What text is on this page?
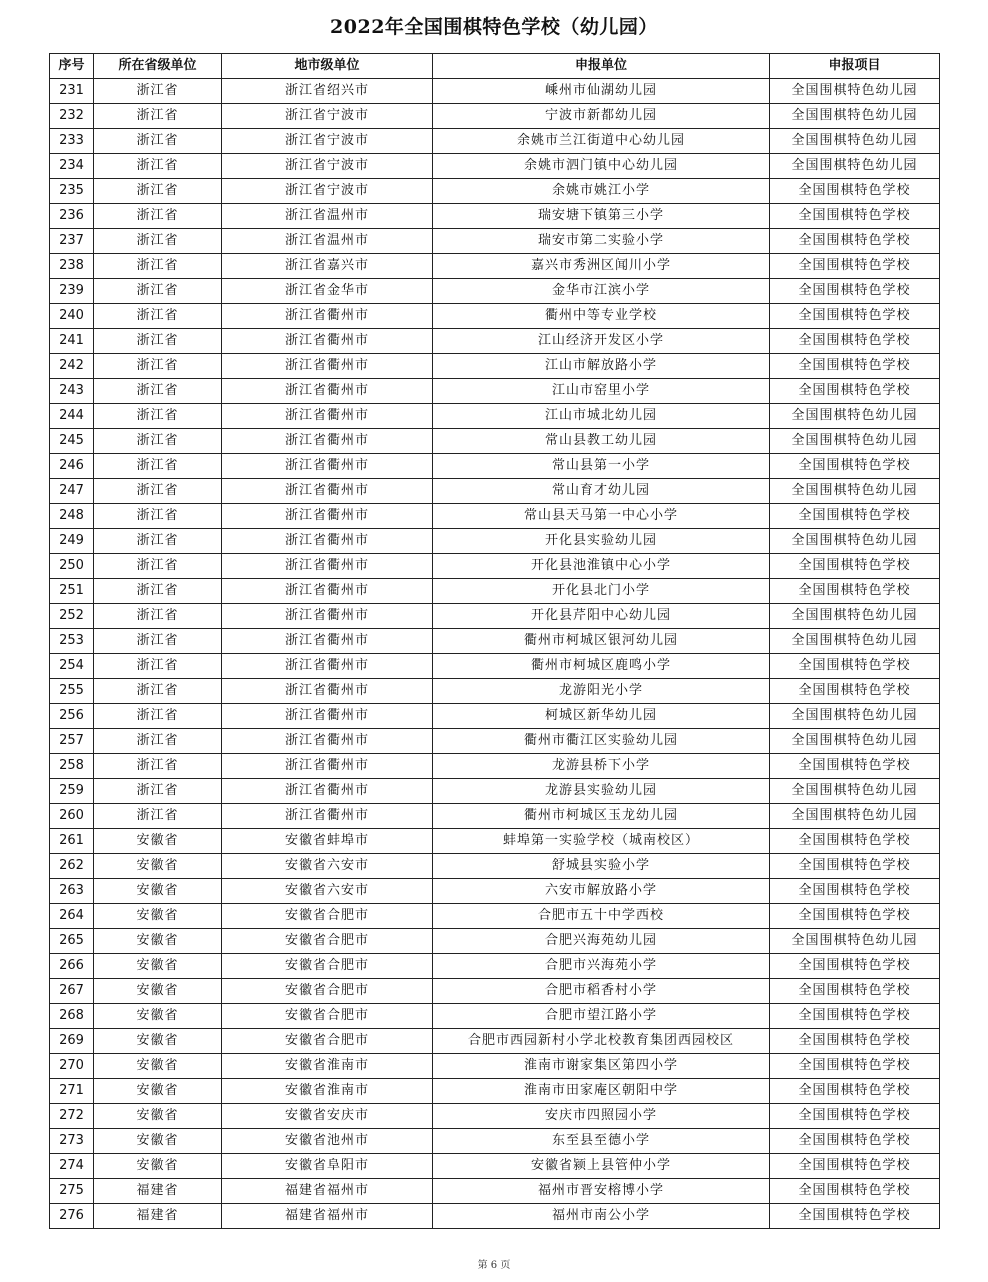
2022年全国围棋特色学校（幼儿园）
序号	所在省级单位	地市级单位	申报单位	申报项目
231	浙江省	浙江省绍兴市	嵊州市仙湖幼儿园	全国围棋特色幼儿园
232	浙江省	浙江省宁波市	宁波市新都幼儿园	全国围棋特色幼儿园
233	浙江省	浙江省宁波市	余姚市兰江街道中心幼儿园	全国围棋特色幼儿园
234	浙江省	浙江省宁波市	余姚市泗门镇中心幼儿园	全国围棋特色幼儿园
235	浙江省	浙江省宁波市	余姚市姚江小学	全国围棋特色学校
236	浙江省	浙江省温州市	瑞安塘下镇第三小学	全国围棋特色学校
237	浙江省	浙江省温州市	瑞安市第二实验小学	全国围棋特色学校
238	浙江省	浙江省嘉兴市	嘉兴市秀洲区闻川小学	全国围棋特色学校
239	浙江省	浙江省金华市	金华市江滨小学	全国围棋特色学校
240	浙江省	浙江省衢州市	衢州中等专业学校	全国围棋特色学校
241	浙江省	浙江省衢州市	江山经济开发区小学	全国围棋特色学校
242	浙江省	浙江省衢州市	江山市解放路小学	全国围棋特色学校
243	浙江省	浙江省衢州市	江山市窑里小学	全国围棋特色学校
244	浙江省	浙江省衢州市	江山市城北幼儿园	全国围棋特色幼儿园
245	浙江省	浙江省衢州市	常山县教工幼儿园	全国围棋特色幼儿园
246	浙江省	浙江省衢州市	常山县第一小学	全国围棋特色学校
247	浙江省	浙江省衢州市	常山育才幼儿园	全国围棋特色幼儿园
248	浙江省	浙江省衢州市	常山县天马第一中心小学	全国围棋特色学校
249	浙江省	浙江省衢州市	开化县实验幼儿园	全国围棋特色幼儿园
250	浙江省	浙江省衢州市	开化县池淮镇中心小学	全国围棋特色学校
251	浙江省	浙江省衢州市	开化县北门小学	全国围棋特色学校
252	浙江省	浙江省衢州市	开化县芹阳中心幼儿园	全国围棋特色幼儿园
253	浙江省	浙江省衢州市	衢州市柯城区银河幼儿园	全国围棋特色幼儿园
254	浙江省	浙江省衢州市	衢州市柯城区鹿鸣小学	全国围棋特色学校
255	浙江省	浙江省衢州市	龙游阳光小学	全国围棋特色学校
256	浙江省	浙江省衢州市	柯城区新华幼儿园	全国围棋特色幼儿园
257	浙江省	浙江省衢州市	衢州市衢江区实验幼儿园	全国围棋特色幼儿园
258	浙江省	浙江省衢州市	龙游县桥下小学	全国围棋特色学校
259	浙江省	浙江省衢州市	龙游县实验幼儿园	全国围棋特色幼儿园
260	浙江省	浙江省衢州市	衢州市柯城区玉龙幼儿园	全国围棋特色幼儿园
261	安徽省	安徽省蚌埠市	蚌埠第一实验学校（城南校区）	全国围棋特色学校
262	安徽省	安徽省六安市	舒城县实验小学	全国围棋特色学校
263	安徽省	安徽省六安市	六安市解放路小学	全国围棋特色学校
264	安徽省	安徽省合肥市	合肥市五十中学西校	全国围棋特色学校
265	安徽省	安徽省合肥市	合肥兴海苑幼儿园	全国围棋特色幼儿园
266	安徽省	安徽省合肥市	合肥市兴海苑小学	全国围棋特色学校
267	安徽省	安徽省合肥市	合肥市稻香村小学	全国围棋特色学校
268	安徽省	安徽省合肥市	合肥市望江路小学	全国围棋特色学校
269	安徽省	安徽省合肥市	合肥市西园新村小学北校教育集团西园校区	全国围棋特色学校
270	安徽省	安徽省淮南市	淮南市谢家集区第四小学	全国围棋特色学校
271	安徽省	安徽省淮南市	淮南市田家庵区朝阳中学	全国围棋特色学校
272	安徽省	安徽省安庆市	安庆市四照园小学	全国围棋特色学校
273	安徽省	安徽省池州市	东至县至德小学	全国围棋特色学校
274	安徽省	安徽省阜阳市	安徽省颍上县管仲小学	全国围棋特色学校
275	福建省	福建省福州市	福州市晋安榕博小学	全国围棋特色学校
276	福建省	福建省福州市	福州市南公小学	全国围棋特色学校
第 6 页
